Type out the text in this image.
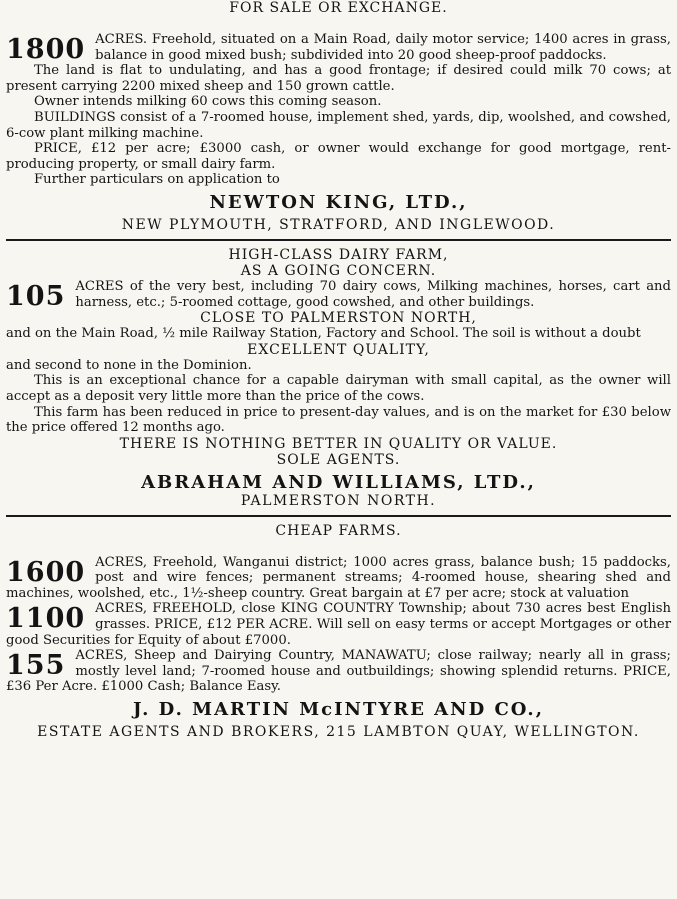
FOR SALE OR EXCHANGE.

1800 ACRES. Freehold, situated on a Main Road, daily motor service; 1400 acres in grass, balance in good mixed bush; subdivided into 20 good sheep-proof paddocks.

The land is flat to undulating, and has a good frontage; if desired could milk 70 cows; at present carrying 2200 mixed sheep and 150 grown cattle.

Owner intends milking 60 cows this coming season.

BUILDINGS consist of a 7-roomed house, implement shed, yards, dip, woolshed, and cowshed, 6-cow plant milking machine.

PRICE, £12 per acre; £3000 cash, or owner would exchange for good mortgage, rent-producing property, or small dairy farm.

Further particulars on application to

NEWTON KING, LTD.,

NEW PLYMOUTH, STRATFORD, AND INGLEWOOD.

HIGH-CLASS DAIRY FARM,

AS A GOING CONCERN.

105 ACRES of the very best, including 70 dairy cows, Milking machines, horses, cart and harness, etc.; 5-roomed cottage, good cowshed, and other buildings.

CLOSE TO PALMERSTON NORTH,

and on the Main Road, ½ mile Railway Station, Factory and School. The soil is without a doubt

EXCELLENT QUALITY,

and second to none in the Dominion.

This is an exceptional chance for a capable dairyman with small capital, as the owner will accept as a deposit very little more than the price of the cows.

This farm has been reduced in price to present-day values, and is on the market for £30 below the price offered 12 months ago.

THERE IS NOTHING BETTER IN QUALITY OR VALUE.

SOLE AGENTS.

ABRAHAM AND WILLIAMS, LTD.,

PALMERSTON NORTH.

CHEAP FARMS.

1600 ACRES, Freehold, Wanganui district; 1000 acres grass, balance bush; 15 paddocks, post and wire fences; permanent streams; 4-roomed house, shearing shed and machines, woolshed, etc., 1½-sheep country. Great bargain at £7 per acre; stock at valuation

1100 ACRES, FREEHOLD, close KING COUNTRY Township; about 730 acres best English grasses. PRICE, £12 PER ACRE. Will sell on easy terms or accept Mortgages or other good Securities for Equity of about £7000.

155 ACRES, Sheep and Dairying Country, MANAWATU; close railway; nearly all in grass; mostly level land; 7-roomed house and outbuildings; showing splendid returns. PRICE, £36 Per Acre. £1000 Cash; Balance Easy.

J. D. MARTIN McINTYRE AND CO.,

ESTATE AGENTS AND BROKERS, 215 LAMBTON QUAY, WELLINGTON.
